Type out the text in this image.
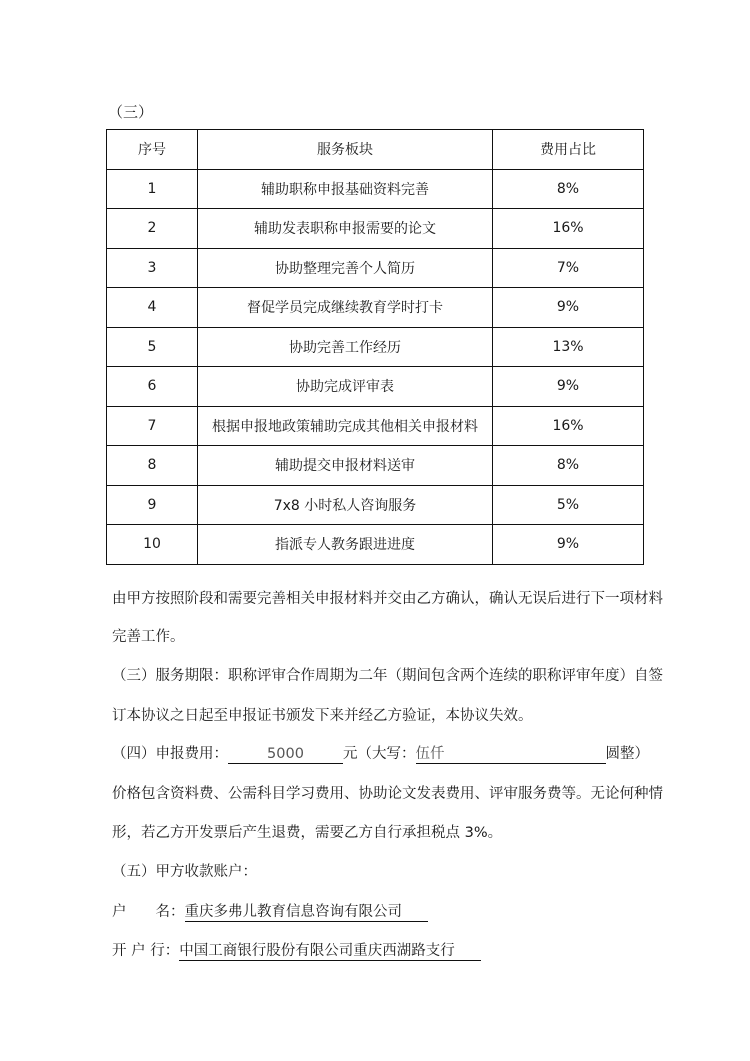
（三）
序号	服务板块	费用占比
1	辅助职称申报基础资料完善	8%
2	辅助发表职称申报需要的论文	16%
3	协助整理完善个人简历	7%
4	督促学员完成继续教育学时打卡	9%
5	协助完善工作经历	13%
6	协助完成评审表	9%
7	根据申报地政策辅助完成其他相关申报材料	16%
8	辅助提交申报材料送审	8%
9	7x8 小时私人咨询服务	5%
10	指派专人教务跟进进度	9%
由甲方按照阶段和需要完善相关申报材料并交由乙方确认，确认无误后进行下一项材料
完善工作。
（三）服务期限：职称评审合作周期为二年（期间包含两个连续的职称评审年度）自签
订本协议之日起至申报证书颁发下来并经乙方验证，本协议失效。
（四）申报费用：	5000	元（大写：伍仟	圆整）
价格包含资料费、公需科目学习费用、协助论文发表费用、评审服务费等。无论何种情
形，若乙方开发票后产生退费，需要乙方自行承担税点 3%。
（五）甲方收款账户：
户　　名：重庆多弗儿教育信息咨询有限公司
开 户 行：中国工商银行股份有限公司重庆西湖路支行
